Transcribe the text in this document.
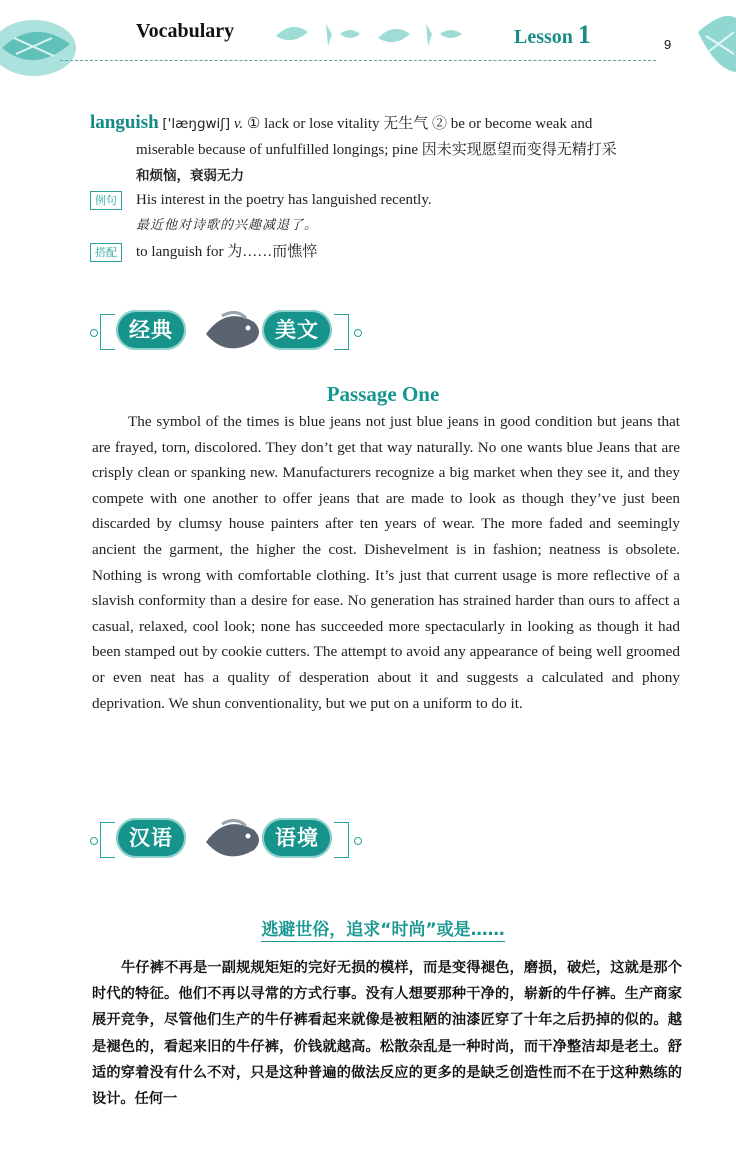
Vocabulary	Lesson 1	9
languish ['læŋgwiʃ] v. ① lack or lose vitality 无生气 ② be or become weak and
miserable because of unfulfilled longings; pine 因未实现愿望而变得无精打采
和烦恼，衰弱无力
例句 His interest in the poetry has languished recently.
最近他对诗歌的兴趣减退了。
搭配 to languish for 为……而憔悴
经典	美文
Passage One

The symbol of the times is blue jeans not just blue jeans in good condition but jeans that are frayed, torn, discolored. They don’t get that way naturally. No one wants blue Jeans that are crisply clean or spanking new. Manufacturers recognize a big market when they see it, and they compete with one another to offer jeans that are made to look as though they’ve just been discarded by clumsy house painters after ten years of wear. The more faded and seemingly ancient the garment, the higher the cost. Dishevelment is in fashion; neatness is obsolete. Nothing is wrong with comfortable clothing. It’s just that current usage is more reflective of a slavish conformity than a desire for ease. No generation has strained harder than ours to affect a casual, relaxed, cool look; none has succeeded more spectacularly in looking as though it had been stamped out by cookie cutters. The attempt to avoid any appearance of being well groomed or even neat has a quality of desperation about it and suggests a calculated and phony deprivation. We shun conventionality, but we put on a uniform to do it.

汉语	语境
逃避世俗，追求“时尚”或是……

牛仔裤不再是一副规规矩矩的完好无损的模样，而是变得褪色，磨损，破烂，这就是那个时代的特征。他们不再以寻常的方式行事。没有人想要那种干净的，崭新的牛仔裤。生产商家展开竞争，尽管他们生产的牛仔裤看起来就像是被粗陋的油漆匠穿了十年之后扔掉的似的。越是褪色的，看起来旧的牛仔裤，价钱就越高。松散杂乱是一种时尚，而干净整洁却是老土。舒适的穿着没有什么不对，只是这种普遍的做法反应的更多的是缺乏创造性而不在于这种熟练的设计。任何一
